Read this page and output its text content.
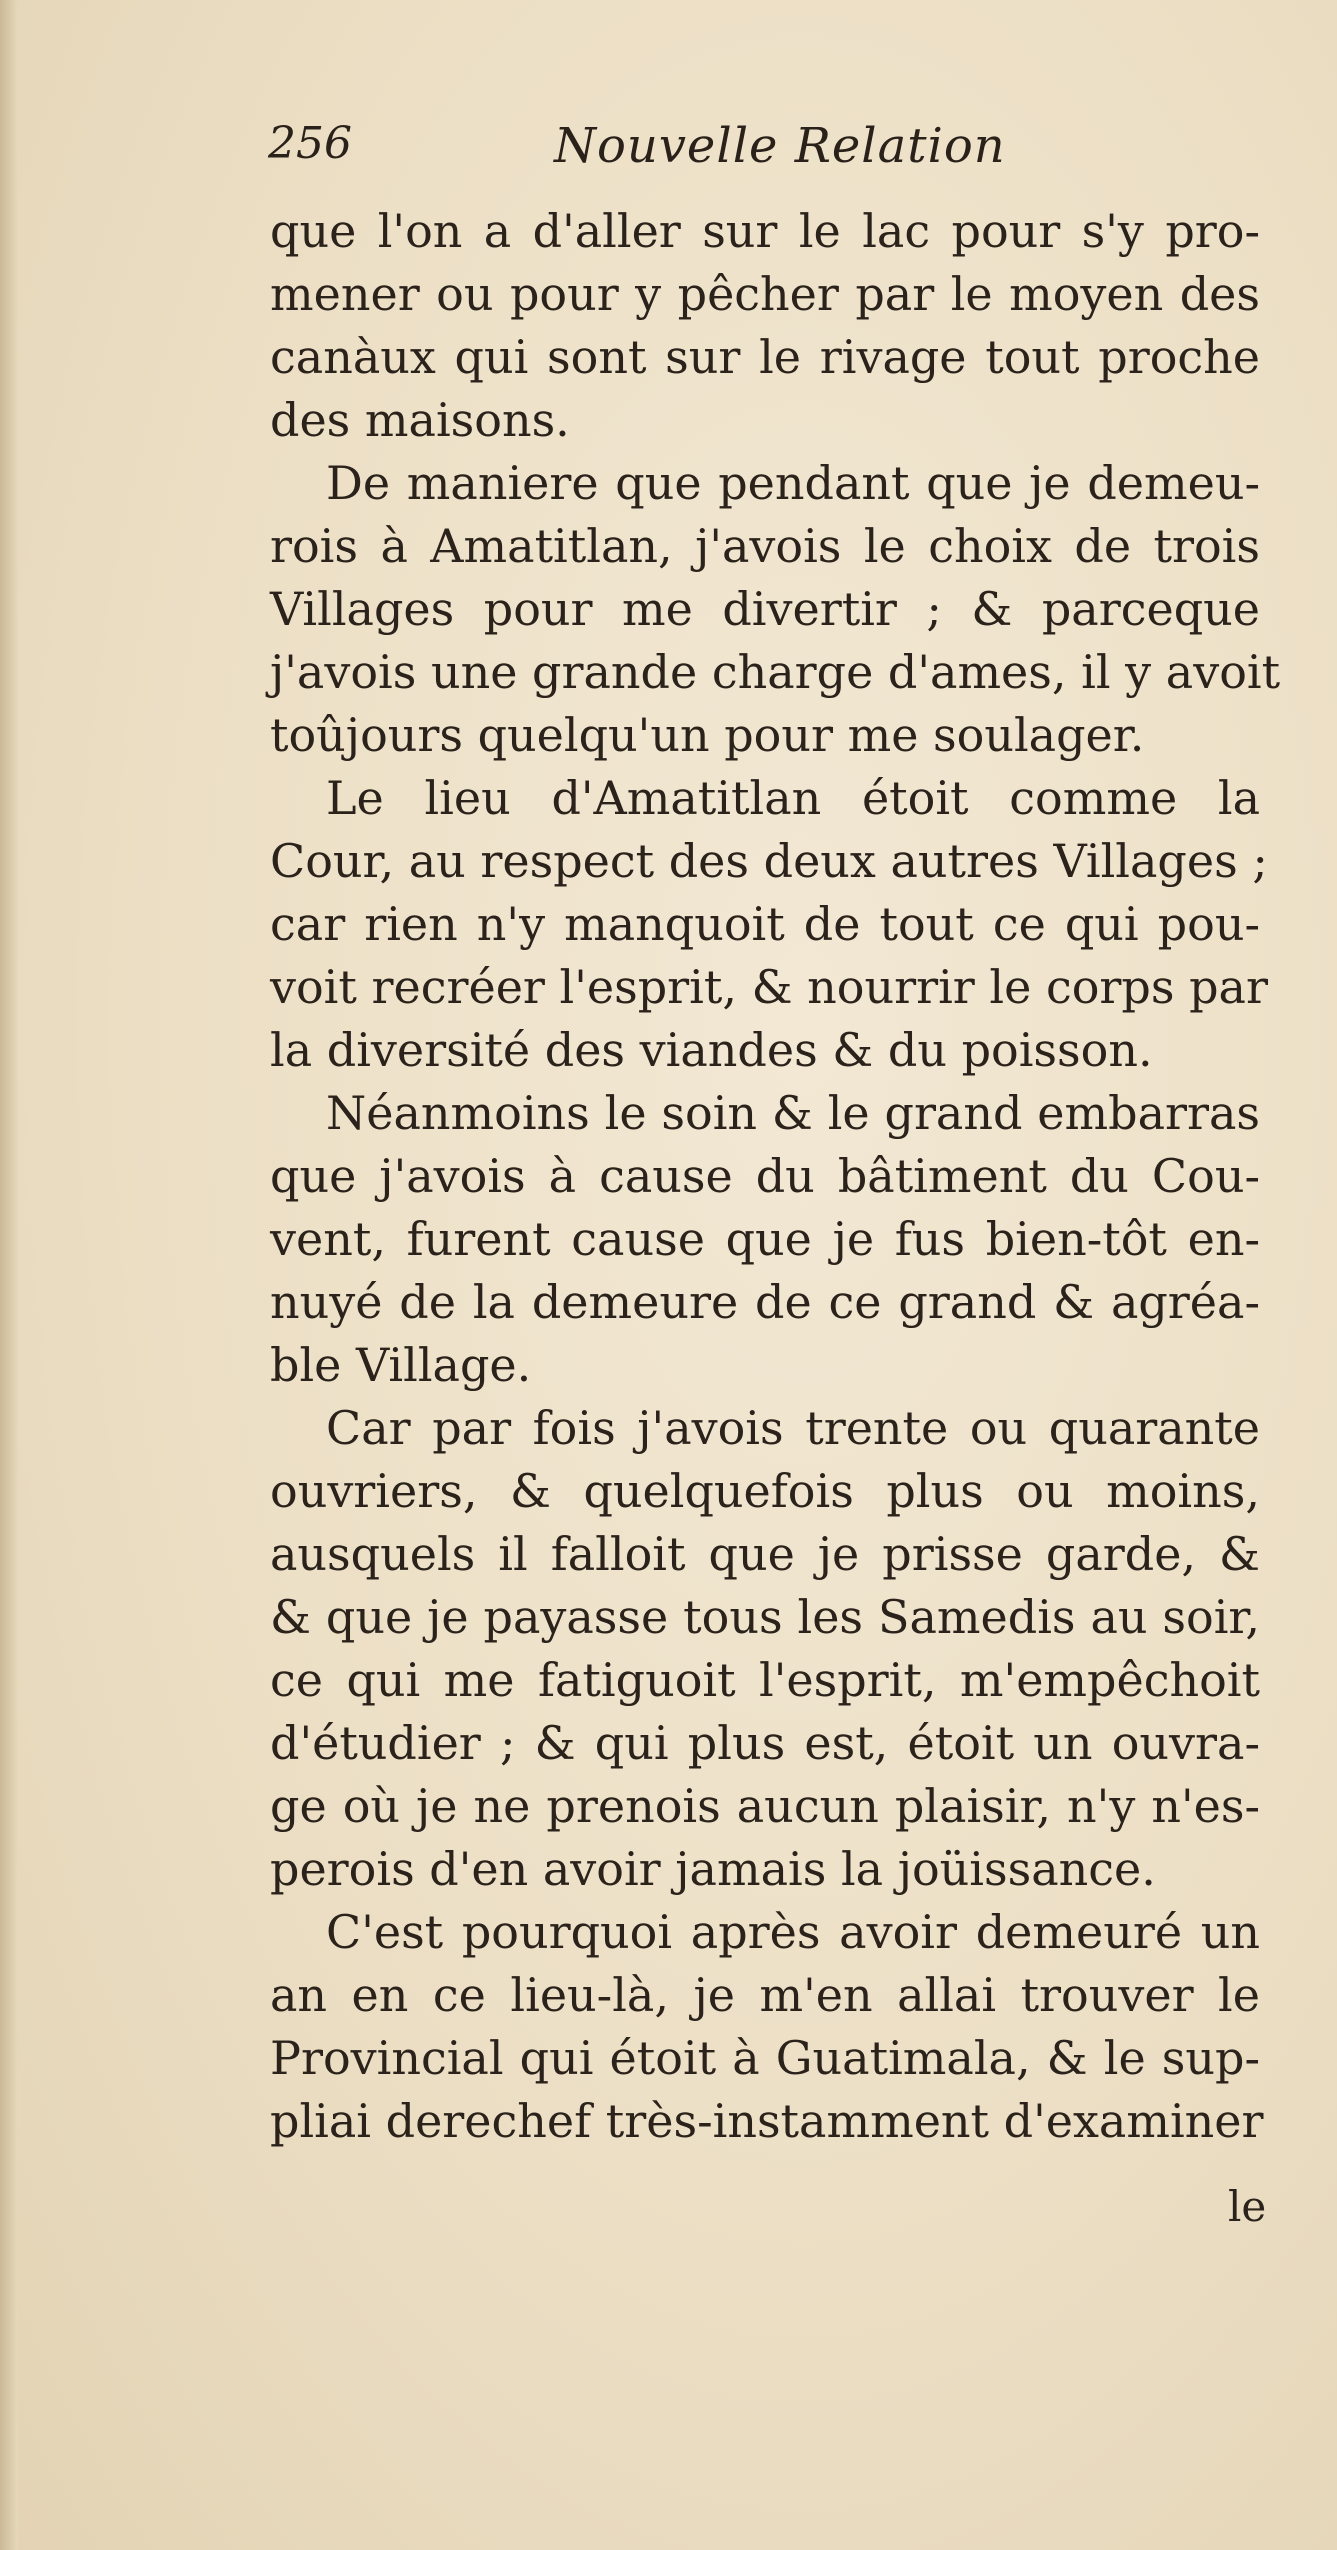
256	Nouvelle Relation
que l'on a d'aller sur le lac pour s'y pro-
mener ou pour y pêcher par le moyen des
canàux qui sont sur le rivage tout proche
des maisons.
De maniere que pendant que je demeu-
rois à Amatitlan, j'avois le choix de trois
Villages pour me divertir ; & parceque
j'avois une grande charge d'ames, il y avoit
toûjours quelqu'un pour me soulager.
Le lieu d'Amatitlan étoit comme la
Cour, au respect des deux autres Villages ;
car rien n'y manquoit de tout ce qui pou-
voit recréer l'esprit, & nourrir le corps par
la diversité des viandes & du poisson.
Néanmoins le soin & le grand embarras
que j'avois à cause du bâtiment du Cou-
vent, furent cause que je fus bien-tôt en-
nuyé de la demeure de ce grand & agréa-
ble Village.
Car par fois j'avois trente ou quarante
ouvriers, & quelquefois plus ou moins,
ausquels il falloit que je prisse garde, &
& que je payasse tous les Samedis au soir,
ce qui me fatiguoit l'esprit, m'empêchoit
d'étudier ; & qui plus est, étoit un ouvra-
ge où je ne prenois aucun plaisir, n'y n'es-
perois d'en avoir jamais la joüissance.
C'est pourquoi après avoir demeuré un
an en ce lieu-là, je m'en allai trouver le
Provincial qui étoit à Guatimala, & le sup-
pliai derechef très-instamment d'examiner
le
